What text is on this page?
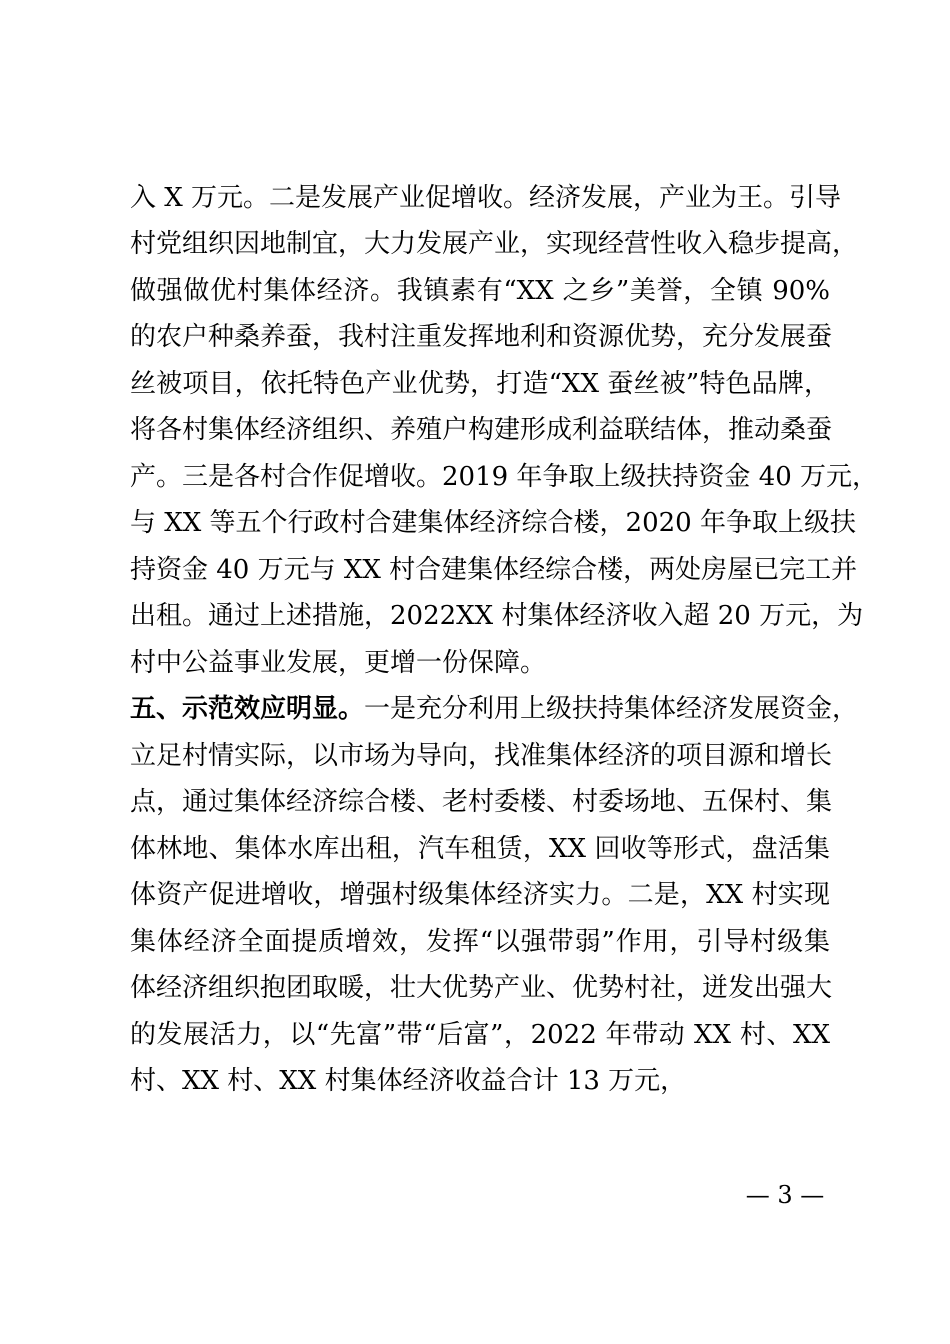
入 X 万元。二是发展产业促增收。经济发展，产业为王。引导
村党组织因地制宜，大力发展产业，实现经营性收入稳步提高，
做强做优村集体经济。我镇素有“XX 之乡”美誉，全镇 90%
的农户种桑养蚕，我村注重发挥地利和资源优势，充分发展蚕
丝被项目，依托特色产业优势，打造“XX 蚕丝被”特色品牌，
将各村集体经济组织、养殖户构建形成利益联结体，推动桑蚕
产。三是各村合作促增收。2019 年争取上级扶持资金 40 万元，
与 XX 等五个行政村合建集体经济综合楼，2020 年争取上级扶
持资金 40 万元与 XX 村合建集体经综合楼，两处房屋已完工并
出租。通过上述措施，2022XX 村集体经济收入超 20 万元，为
村中公益事业发展，更增一份保障。
五、示范效应明显。一是充分利用上级扶持集体经济发展资金，
立足村情实际，以市场为导向，找准集体经济的项目源和增长
点，通过集体经济综合楼、老村委楼、村委场地、五保村、集
体林地、集体水库出租，汽车租赁，XX 回收等形式，盘活集
体资产促进增收，增强村级集体经济实力。二是，XX 村实现
集体经济全面提质增效，发挥“以强带弱”作用，引导村级集
体经济组织抱团取暖，壮大优势产业、优势村社，迸发出强大
的发展活力，以“先富”带“后富”，2022 年带动 XX 村、XX
村、XX 村、XX 村集体经济收益合计 13 万元，
— 3 —
